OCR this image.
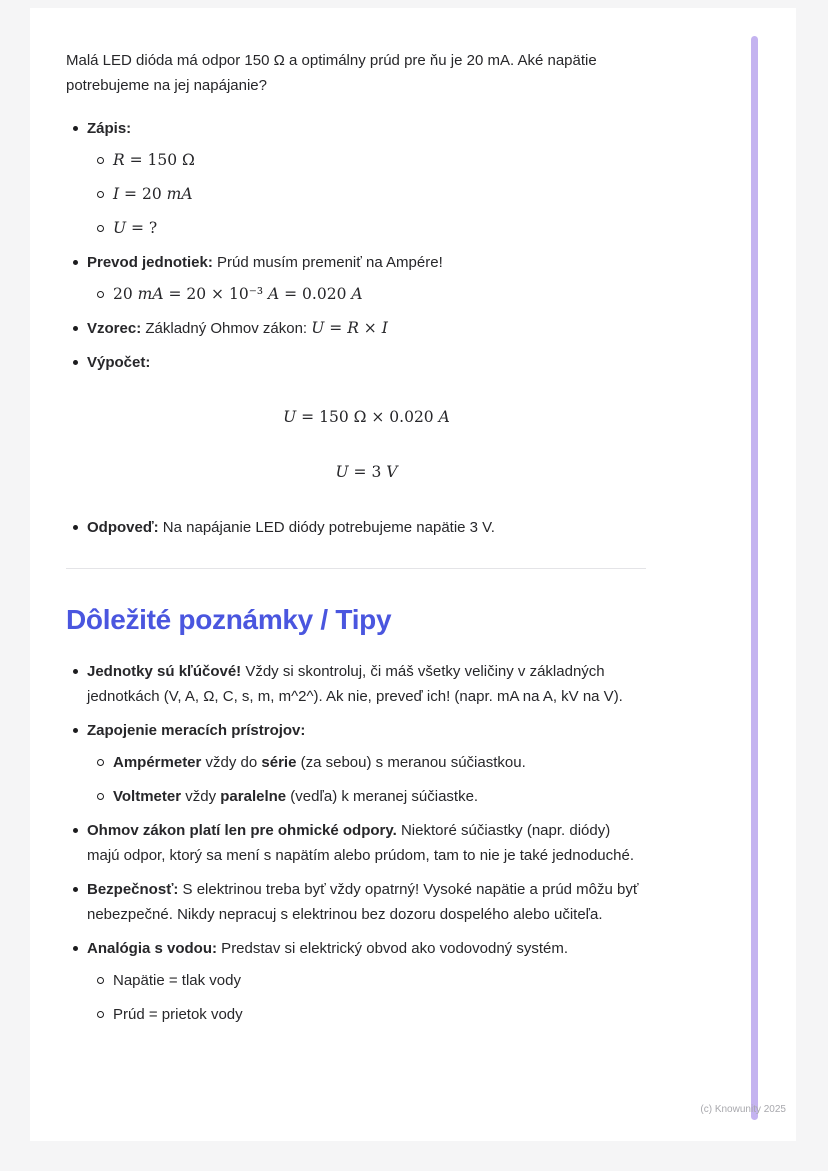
Malá LED dióda má odpor 150 Ω a optimálny prúd pre ňu je 20 mA. Aké napätie potrebujeme na jej napájanie?

Zápis:
R = 150 Ω
I = 20 mA
U = ?
Prevod jednotiek: Prúd musím premeniť na Ampére!
20 mA = 20 × 10⁻³ A = 0.020 A
Vzorec: Základný Ohmov zákon: U = R × I
Výpočet:
U = 150 Ω × 0.020 A
U = 3 V
Odpoveď: Na napájanie LED diódy potrebujeme napätie 3 V.
Dôležité poznámky / Tipy
Jednotky sú kľúčové! Vždy si skontroluj, či máš všetky veličiny v základných jednotkách (V, A, Ω, C, s, m, m^2^). Ak nie, preveď ich! (napr. mA na A, kV na V).
Zapojenie meracích prístrojov:
Ampérmeter vždy do série (za sebou) s meranou súčiastkou.
Voltmeter vždy paralelne (vedľa) k meranej súčiastke.
Ohmov zákon platí len pre ohmické odpory. Niektoré súčiastky (napr. diódy) majú odpor, ktorý sa mení s napätím alebo prúdom, tam to nie je také jednoduché.
Bezpečnosť: S elektrinou treba byť vždy opatrný! Vysoké napätie a prúd môžu byť nebezpečné. Nikdy nepracuj s elektrinou bez dozoru dospelého alebo učiteľa.
Analógia s vodou: Predstav si elektrický obvod ako vodovodný systém.
Napätie = tlak vody
Prúd = prietok vody
(c) Knowunity 2025
